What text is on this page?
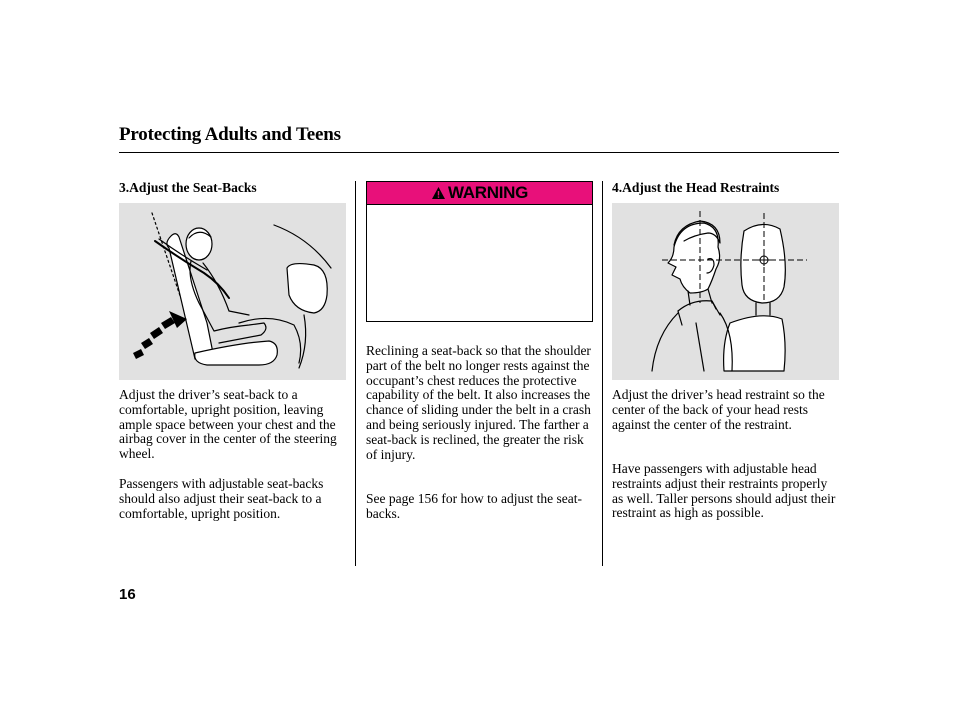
Protecting Adults and Teens
3.Adjust the Seat-Backs

Adjust the driver’s seat-back to a comfortable, upright position, leaving ample space between your chest and the airbag cover in the center of the steering wheel.

Passengers with adjustable seat-backs should also adjust their seat-back to a comfortable, upright position.

WARNING

Reclining a seat-back so that the shoulder part of the belt no longer rests against the occupant’s chest reduces the protective capability of the belt. It also increases the chance of sliding under the belt in a crash and being seriously injured. The farther a seat-back is reclined, the greater the risk of injury.

See page 156 for how to adjust the seat-backs.

4.Adjust the Head Restraints

Adjust the driver’s head restraint so the center of the back of your head rests against the center of the restraint.

Have passengers with adjustable head restraints adjust their restraints properly as well. Taller persons should adjust their restraint as high as possible.

16
